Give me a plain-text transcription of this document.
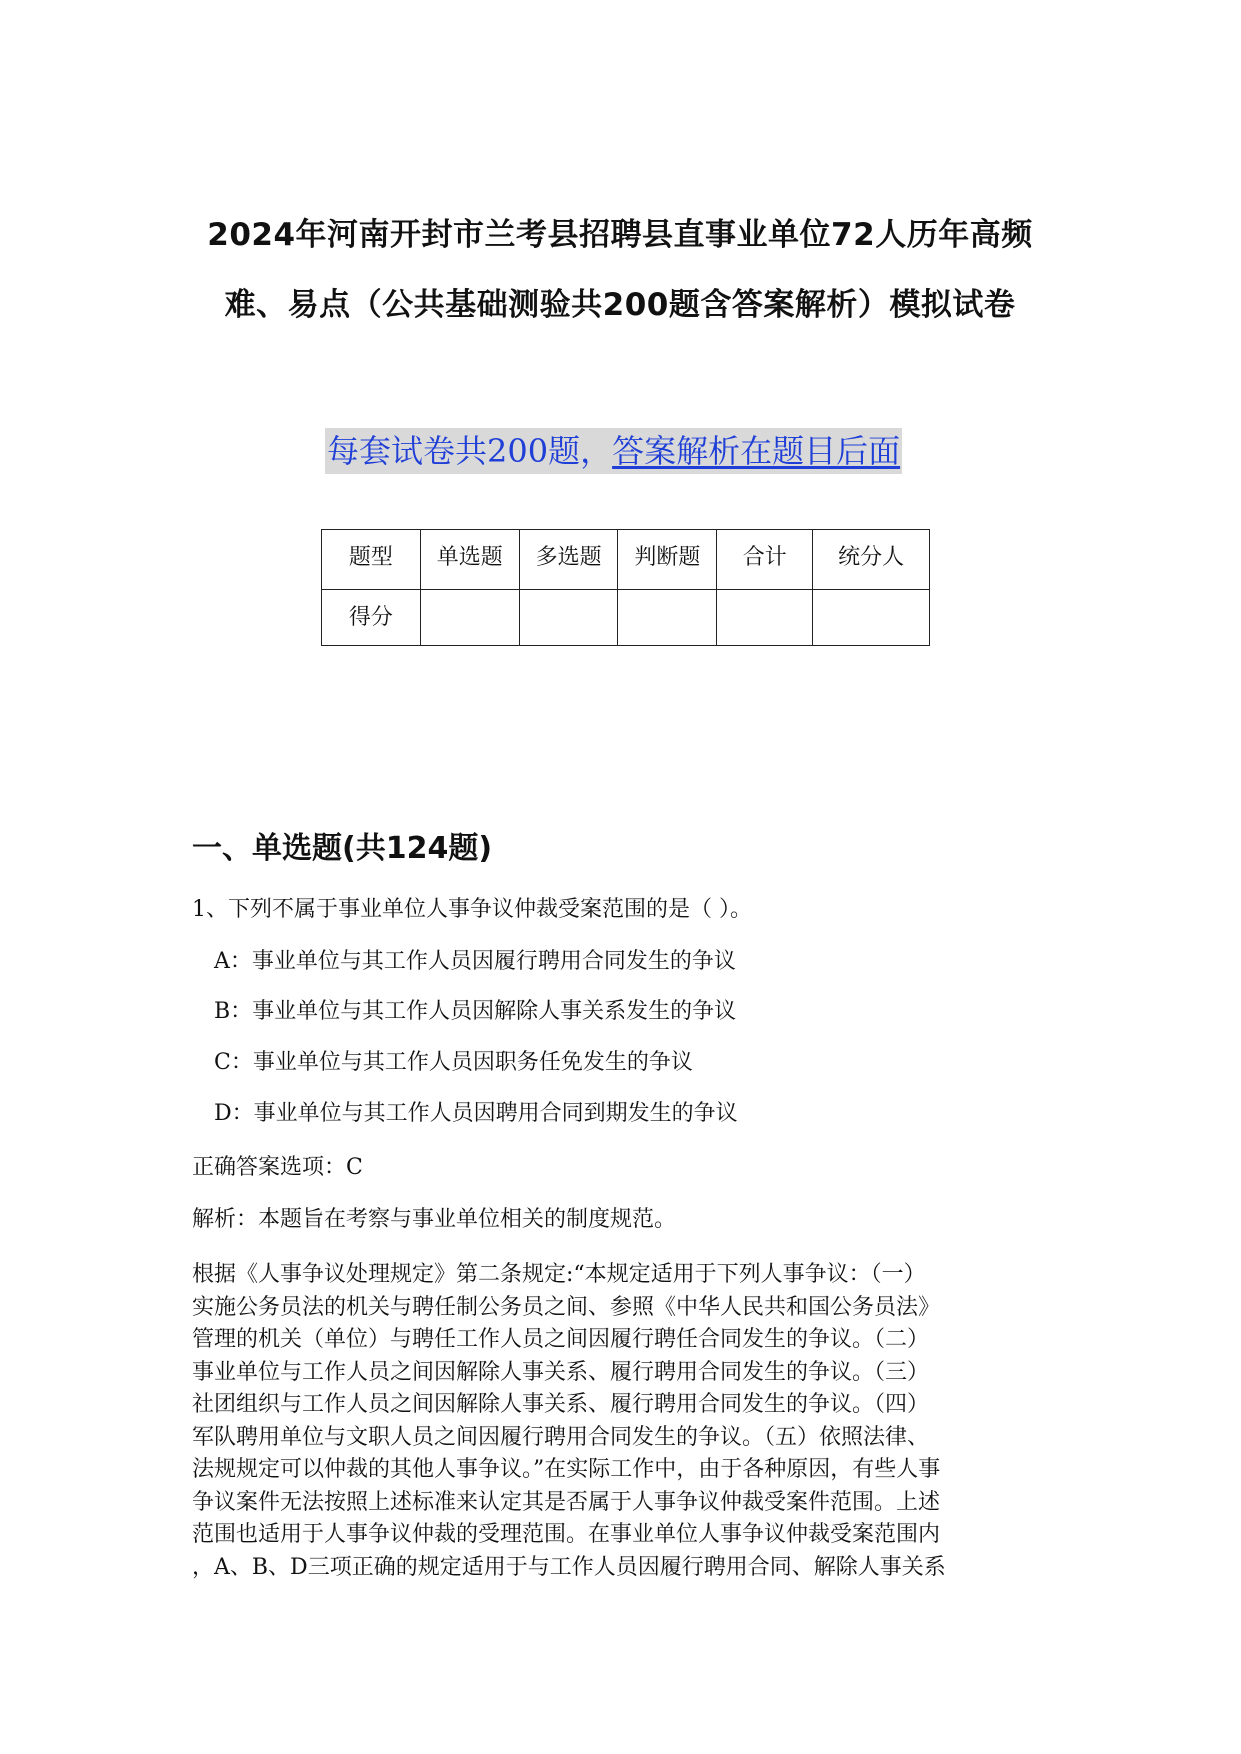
2024年河南开封市兰考县招聘县直事业单位72人历年高频
难、易点（公共基础测验共200题含答案解析）模拟试卷
每套试卷共200题，答案解析在题目后面
题型	单选题	多选题	判断题	合计	统分人
得分					
一、单选题(共124题)
1、下列不属于事业单位人事争议仲裁受案范围的是（ ）。
A：事业单位与其工作人员因履行聘用合同发生的争议
B：事业单位与其工作人员因解除人事关系发生的争议
C：事业单位与其工作人员因职务任免发生的争议
D：事业单位与其工作人员因聘用合同到期发生的争议
正确答案选项：C
解析：本题旨在考察与事业单位相关的制度规范。
根据《人事争议处理规定》第二条规定:“本规定适用于下列人事争议：（一）
实施公务员法的机关与聘任制公务员之间、参照《中华人民共和国公务员法》
管理的机关（单位）与聘任工作人员之间因履行聘任合同发生的争议。（二）
事业单位与工作人员之间因解除人事关系、履行聘用合同发生的争议。（三）
社团组织与工作人员之间因解除人事关系、履行聘用合同发生的争议。（四）
军队聘用单位与文职人员之间因履行聘用合同发生的争议。（五）依照法律、
法规规定可以仲裁的其他人事争议。”在实际工作中，由于各种原因，有些人事
争议案件无法按照上述标准来认定其是否属于人事争议仲裁受案件范围。上述
范围也适用于人事争议仲裁的受理范围。在事业单位人事争议仲裁受案范围内
，A、B、D三项正确的规定适用于与工作人员因履行聘用合同、解除人事关系
